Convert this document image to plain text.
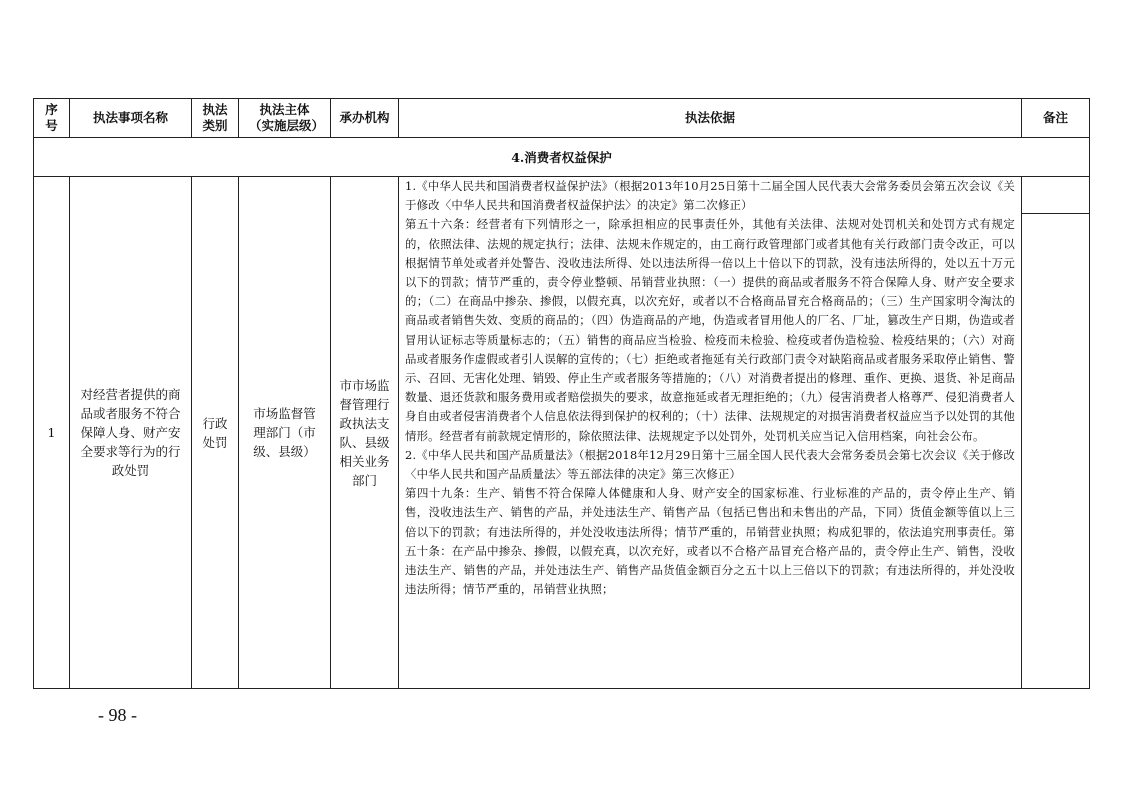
序号	执法事项名称	执法类别	执法主体（实施层级）	承办机构	执法依据	备注
4.消费者权益保护						
1	对经营者提供的商品或者服务不符合保障人身、财产安全要求等行为的行政处罚	行政处罚	市场监督管理部门（市级、县级）	市市场监督管理行政执法支队、县级相关业务部门	1.《中华人民共和国消费者权益保护法》（根据2013年10月25日第十二届全国人民代表大会常务委员会第五次会议《关于修改〈中华人民共和国消费者权益保护法〉的决定》第二次修正）

第五十六条：经营者有下列情形之一，除承担相应的民事责任外，其他有关法律、法规对处罚机关和处罚方式有规定的，依照法律、法规的规定执行；法律、法规未作规定的，由工商行政管理部门或者其他有关行政部门责令改正，可以根据情节单处或者并处警告、没收违法所得、处以违法所得一倍以上十倍以下的罚款，没有违法所得的，处以五十万元以下的罚款；情节严重的，责令停业整顿、吊销营业执照：（一）提供的商品或者服务不符合保障人身、财产安全要求的；（二）在商品中掺杂、掺假，以假充真，以次充好，或者以不合格商品冒充合格商品的；（三）生产国家明令淘汰的商品或者销售失效、变质的商品的；（四）伪造商品的产地，伪造或者冒用他人的厂名、厂址，篡改生产日期，伪造或者冒用认证标志等质量标志的；（五）销售的商品应当检验、检疫而未检验、检疫或者伪造检验、检疫结果的；（六）对商品或者服务作虚假或者引人误解的宣传的；（七）拒绝或者拖延有关行政部门责令对缺陷商品或者服务采取停止销售、警示、召回、无害化处理、销毁、停止生产或者服务等措施的；（八）对消费者提出的修理、重作、更换、退货、补足商品数量、退还货款和服务费用或者赔偿损失的要求，故意拖延或者无理拒绝的；（九）侵害消费者人格尊严、侵犯消费者人身自由或者侵害消费者个人信息依法得到保护的权利的；（十）法律、法规规定的对损害消费者权益应当予以处罚的其他情形。经营者有前款规定情形的，除依照法律、法规规定予以处罚外，处罚机关应当记入信用档案，向社会公布。

2.《中华人民共和国产品质量法》（根据2018年12月29日第十三届全国人民代表大会常务委员会第七次会议《关于修改〈中华人民共和国产品质量法〉等五部法律的决定》第三次修正）

第四十九条：生产、销售不符合保障人体健康和人身、财产安全的国家标准、行业标准的产品的，责令停止生产、销售，没收违法生产、销售的产品，并处违法生产、销售产品（包括已售出和未售出的产品，下同）货值金额等值以上三倍以下的罚款；有违法所得的，并处没收违法所得；情节严重的，吊销营业执照；构成犯罪的，依法追究刑事责任。第五十条：在产品中掺杂、掺假，以假充真，以次充好，或者以不合格产品冒充合格产品的，责令停止生产、销售，没收违法生产、销售的产品，并处违法生产、销售产品货值金额百分之五十以上三倍以下的罚款；有违法所得的，并处没收违法所得；情节严重的，吊销营业执照；	

- 98 -
